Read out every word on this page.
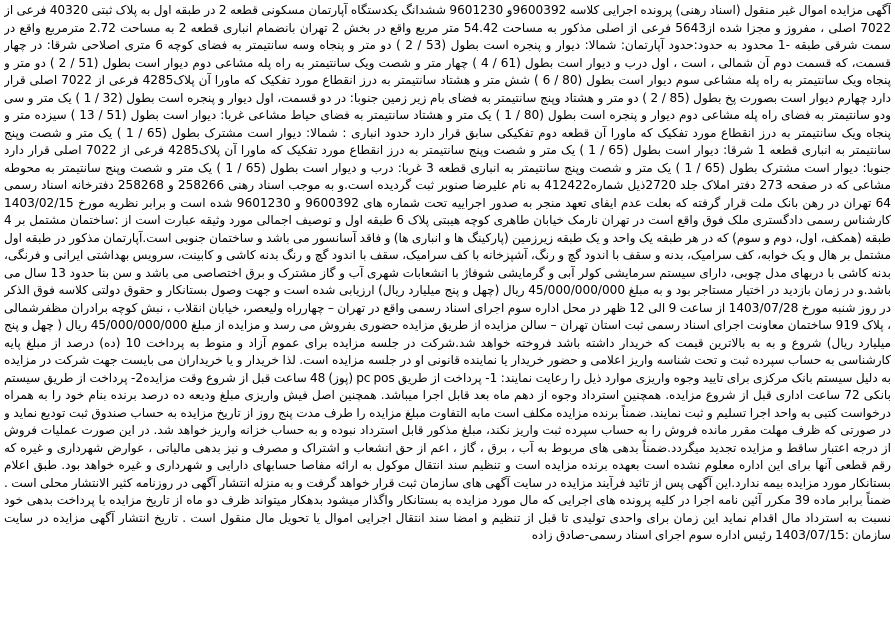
آگهی مزایده اموال غیر منقول (اسناد رهنی) پرونده اجرایی کلاسه 9600392و 9601230 ششدانگ یکدستگاه آپارتمان مسکونی قطعه 2 در طبقه اول به پلاک ثبتی 40320 فرعی از 7022 اصلی ، مفروز و مجزا شده از5643 فرعی از اصلی مذکور به مساحت 54.42 متر مربع واقع در بخش 2 تهران بانضمام انباری قطعه 2 به مساحت 2.72 مترمربع واقع در سمت شرقی طبقه -1 محدود به حدود:حدود آپارتمان: شمالا: دیوار و پنجره است بطول (53 / 2 ) دو متر و پنجاه وسه سانتیمتر به فضای کوچه 6 متری اصلاحی شرقا: در چهار قسمت، که قسمت دوم آن شمالی ، است ، اول درب و دیوار است بطول (61 / 4 ) چهار متر و شصت ویک سانتیمتر به راه پله مشاعی دوم دیوار است بطول (51 / 2 ) دو متر و پنجاه ویک سانتیمتر به راه پله مشاعی سوم دیوار است بطول (80 / 6 ) شش متر و هشتاد سانتیمتر به درز انقطاع مورد تفکیک که ماورا آن پلاک4285 فرعی از 7022 اصلی قرار دارد چهارم دیوار است بصورت پخ بطول (85 / 2 ) دو متر و هشتاد وپنج سانتیمتر به فضای بام زیر زمین جنوبا: در دو قسمت، اول دیوار و پنجره است بطول (32 / 1 ) یک متر و سی ودو سانتیمتر به فضای راه پله مشاعی دوم دیوار و پنجره است بطول (80 / 1 ) یک متر و هشتاد سانتیمتر به فضای حیاط مشاعی غربا: دیوار است بطول (51 / 13 ) سیزده متر و پنجاه ویک سانتیمتر به درز انقطاع مورد تفکیک که ماورا آن قطعه دوم تفکیکی سابق قرار دارد حدود انباری : شمالا: دیوار است مشترک بطول (65 / 1 ) یک متر و شصت وپنج سانتیمتر به انباری قطعه 1 شرقا: دیوار است بطول (65 / 1 ) یک متر و شصت وپنج سانتیمتر به درز انقطاع مورد تفکیک که ماورا آن پلاک4285 فرعی از 7022 اصلی قرار دارد جنوبا: دیوار است مشترک بطول (65 / 1 ) یک متر و شصت وپنج سانتیمتر به انباری قطعه 3 غربا: درب و دیوار است بطول (65 / 1 ) یک متر و شصت وپنج سانتیمتر به محوطه مشاعی که در صفحه 273 دفتر املاک جلد 2720ذیل شماره412422 به نام علیرضا صنوبر ثبت گردیده است.و به موجب اسناد رهنی 258266 و 258268 دفترخانه اسناد رسمی 64 تهران در رهن بانک ملت قرار گرفته که بعلت عدم ایفای تعهد منجر به صدور اجراییه تحت شماره های 9600392 و 9601230 شده است و برابر نظریه مورخ 1403/02/15 کارشناس رسمی دادگستری ملک فوق واقع است در تهران نارمک خیابان طاهری کوچه هیبتی پلاک 6 طبقه اول و توصیف اجمالی مورد وثیقه عبارت است از :ساختمان مشتمل بر 4 طبقه (همکف، اول، دوم و سوم) که در هر طبقه یک واحد و یک طبقه زیرزمین (پارکینگ ها و انباری ها) و فاقد آسانسور می باشد و ساختمان جنوبی است.آپارتمان مذکور در طبقه اول مشتمل بر هال و یک خوابه، کف سرامیک، بدنه و سقف با اندود گچ و رنگ، آشپزخانه با کف سرامیک، سقف با اندود گچ و رنگ بدنه کاشی و کابینت، سرویس بهداشتی ایرانی و فرنگی، بدنه کاشی با دربهای مدل چوبی، دارای سیستم سرمایشی کولر آبی و گرمایشی شوفاژ با انشعابات شهری آب و گاز مشترک و برق اختصاصی می باشد و سن بنا حدود 13 سال می باشد.و در زمان بازدید در اختیار مستاجر بود و به مبلغ 45/000/000/000 ریال (چهل و پنج میلیارد ریال) ارزیابی شده است و جهت وصول بستانکار و حقوق دولتی کلاسه فوق الذکر در روز شنبه مورخ 1403/07/28 از ساعت 9 الی 12 ظهر در محل اداره سوم اجرای اسناد رسمی واقع در تهران – چهارراه ولیعصر، خیابان انقلاب ، نبش کوچه برادران مظفرشمالی ، پلاک 919 ساختمان معاونت اجرای اسناد رسمی ثبت استان تهران – سالن مزایده از طریق مزایده حضوری بفروش می رسد و مزایده از مبلغ 45/000/000/000 ریال ( چهل و پنج میلیارد ریال) شروع و به به بالاترین قیمت که خریدار داشته باشد فروخته خواهد شد.شرکت در جلسه مزایده برای عموم آزاد و منوط به پرداخت 10 (ده) درصد از مبلغ پایه کارشناسی به حساب سپرده ثبت و تحت شناسه واریز اعلامی و حضور خریدار یا نماینده قانونی او در جلسه مزایده است. لذا خریدار و یا خریداران می بایست جهت شرکت در مزایده به دلیل سیستم بانک مرکزی برای تایید وجوه واریزی موارد ذیل را رعایت نمایند: 1- پرداخت از طریق pc pos (پوز) 48 ساعت قبل از شروع وقت مزایده2- پرداخت از طریق سیستم بانکی 72 ساعت اداری قبل از شروع مزایده. همچنین استرداد وجوه از دهم ماه بعد قابل اجرا میباشد. همچنین اصل فیش واریزی مبلغ ودیعه ده درصد برنده بنام خود را به همراه درخواست کتبی به واحد اجرا تسلیم و ثبت نمایند. ضمناً برنده مزایده مکلف است مابه التفاوت مبلغ مزایده را طرف مدت پنج روز از تاریخ مزایده به حساب صندوق ثبت تودیع نماید و در صورتی که ظرف مهلت مقرر مانده فروش را به حساب سپرده ثبت واریز نکند، مبلغ مذکور قابل استرداد نبوده و به حساب خزانه واریز خواهد شد. در این صورت عملیات فروش از درجه اعتبار ساقط و مزایده تجدید میگردد.ضمناً بدهی های مربوط به آب ، برق ، گاز ، اعم از حق انشعاب و اشتراک و مصرف و نیز بدهی مالیاتی ، عوارض شهرداری و غیره که رقم قطعی آنها برای این اداره معلوم نشده است بعهده برنده مزایده است و تنظیم سند انتقال موکول به ارائه مفاصا حسابهای دارایی و شهرداری و غیره خواهد بود. طبق اعلام بستانکار مورد مزایده بیمه ندارد.این آگهی پس از تائید فرآیند مزایده در سایت آگهی های سازمان ثبت قرار خواهد گرفت و به منزله انتشار آگهی در روزنامه کثیر الانتشار محلی است . ضمناً برابر ماده 39 مکرر آئین نامه اجرا در کلیه پرونده های اجرایی که مال مورد مزایده به بستانکار واگذار میشود بدهکار میتواند ظرف دو ماه از تاریخ مزایده با پرداخت بدهی خود نسبت به استرداد مال اقدام نماید این زمان برای واحدی تولیدی تا قبل از تنظیم و امضا سند انتقال اجرایی اموال یا تحویل مال منقول است . تاریخ انتشار آگهی مزایده در سایت سازمان :1403/07/15 رئیس اداره سوم اجرای اسناد رسمی-صادق زاده
